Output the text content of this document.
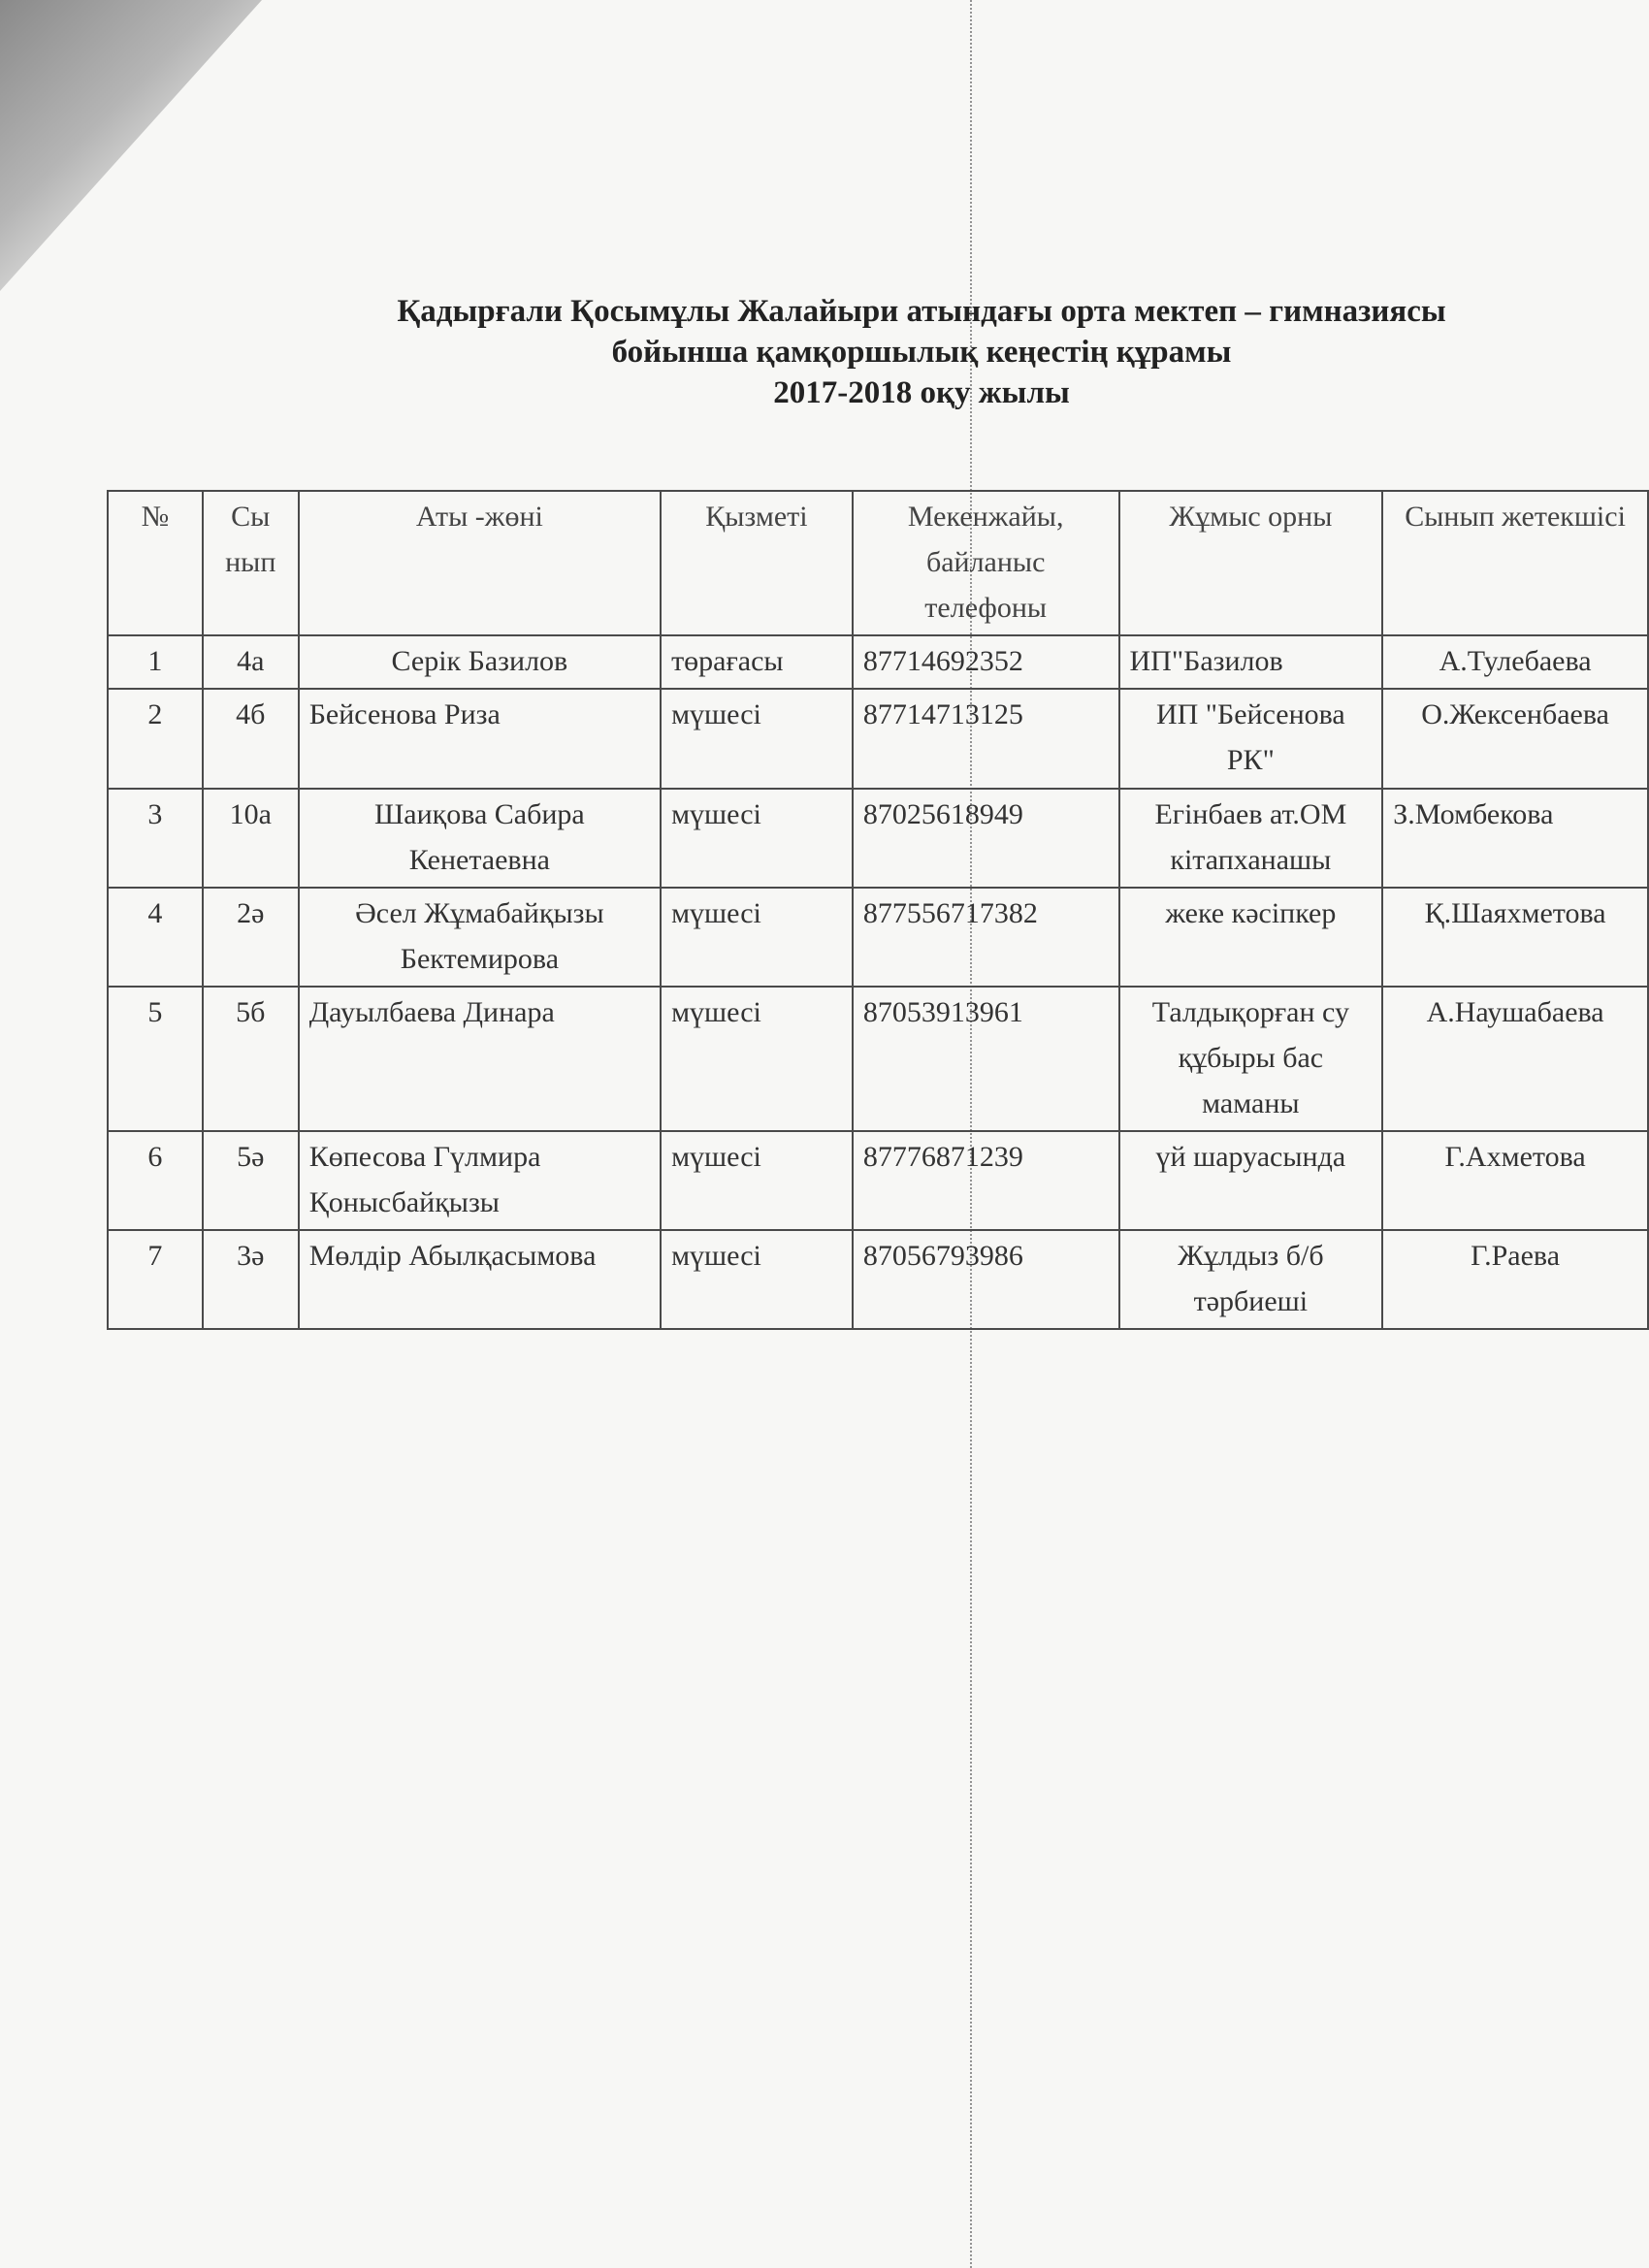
Қадырғали Қосымұлы Жалайыри атындағы орта мектеп – гимназиясы
бойынша қамқоршылық кеңестің құрамы
2017-2018 оқу жылы
№	Сы нып	Аты -жөні	Қызметі	Мекенжайы, байланыс телефоны	Жұмыс орны	Сынып жетекшісі
1	4а	Серік Базилов	төрағасы	87714692352	ИП"Базилов	А.Тулебаева
2	4б	Бейсенова Риза	мүшесі	87714713125	ИП "Бейсенова РК"	О.Жексенбаева
3	10а	Шаиқова Сабира Кенетаевна	мүшесі	87025618949	Егінбаев ат.ОМ кітапханашы	З.Момбекова
4	2ә	Әсел Жұмабайқызы Бектемирова	мүшесі	877556717382	жеке кәсіпкер	Қ.Шаяхметова
5	5б	Дауылбаева Динара	мүшесі	87053913961	Талдықорған су құбыры бас маманы	А.Наушабаева
6	5ә	Көпесова Гүлмира Қонысбайқызы	мүшесі	87776871239	үй шаруасында	Г.Ахметова
7	3ә	Мөлдір Абылқасымова	мүшесі	87056793986	Жұлдыз б/б тәрбиеші	Г.Раева
